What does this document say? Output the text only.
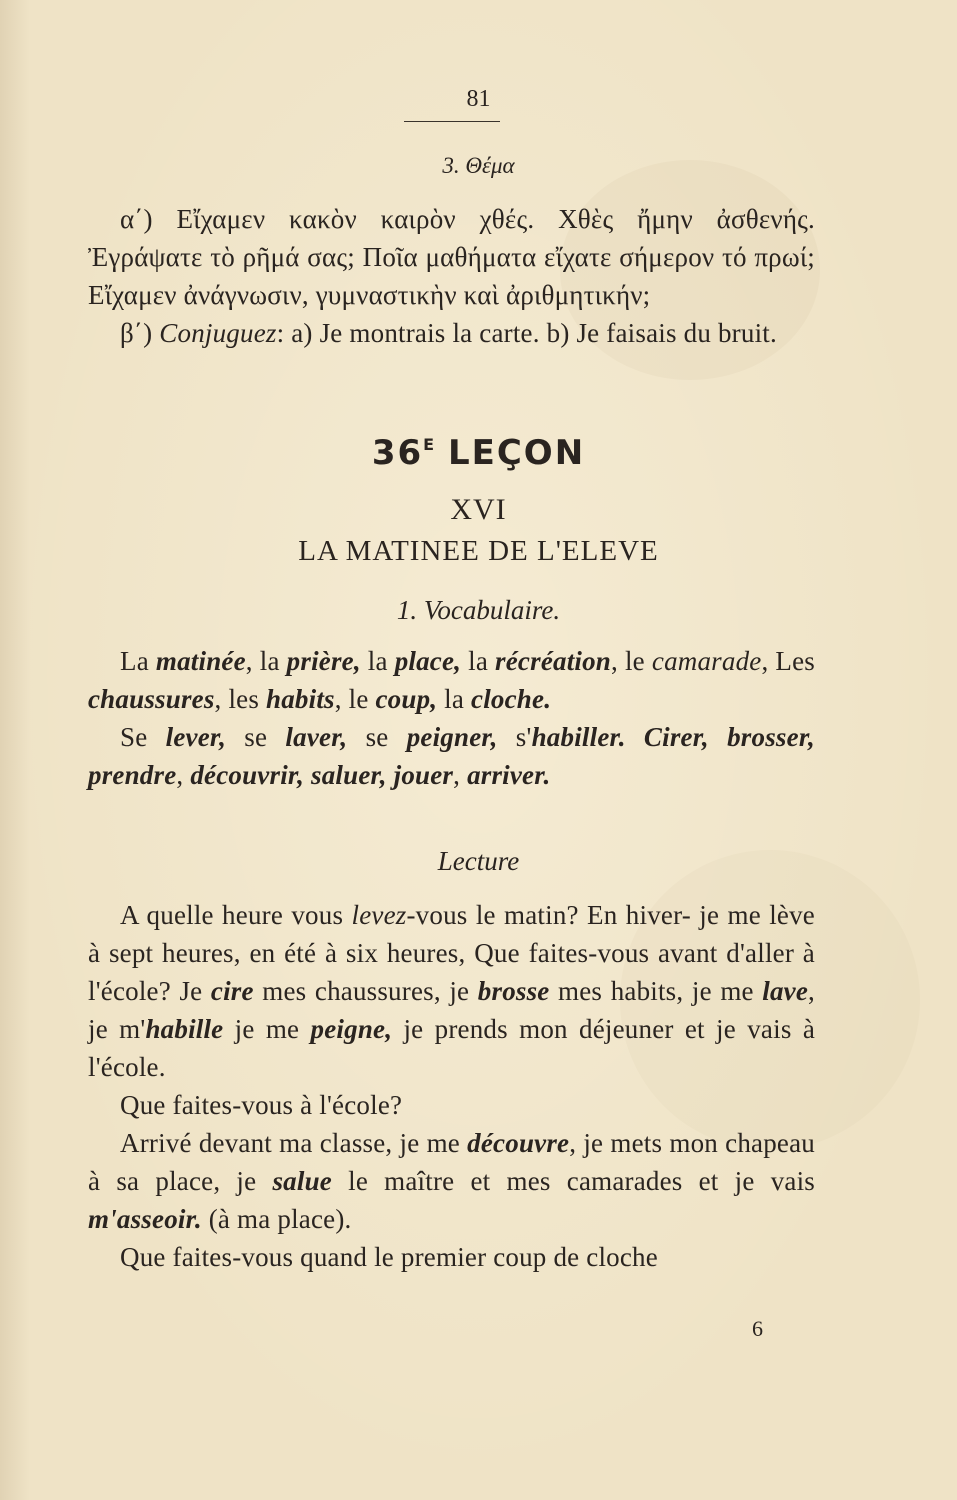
81
3. Θέμα

α΄) Εἴχαμεν κακὸν καιρὸν χθές. Χθὲς ἤμην ἀσθενής. Ἐγράψατε τὸ ρῆμά σας; Ποῖα μαθήματα εἴχατε σήμερον τό πρωί; Εἴχαμεν ἀνάγνωσιν, γυμναστικὴν καὶ ἀριθμητικήν;

β΄) Conjuguez: a) Je montrais la carte. b) Je faisais du bruit.

$36^E$ LEÇON
XVI
LA MATINEE DE L'ELEVE
1. Vocabulaire.

La matinée, la prière, la place, la récréation, le camarade, Les chaussures, les habits, le coup, la cloche.

Se lever, se laver, se peigner, s'habiller. Cirer, brosser, prendre, découvrir, saluer, jouer, arriver.

Lecture

A quelle heure vous levez-vous le matin? En hiver- je me lève à sept heures, en été à six heures, Que faites-vous avant d'aller à l'école? Je cire mes chaussures, je brosse mes habits, je me lave, je m'habille je me peigne, je prends mon déjeuner et je vais à l'école.

Que faites-vous à l'école?

Arrivé devant ma classe, je me découvre, je mets mon chapeau à sa place, je salue le maître et mes camarades et je vais m'asseoir. (à ma place).

Que faites-vous quand le premier coup de cloche

6
